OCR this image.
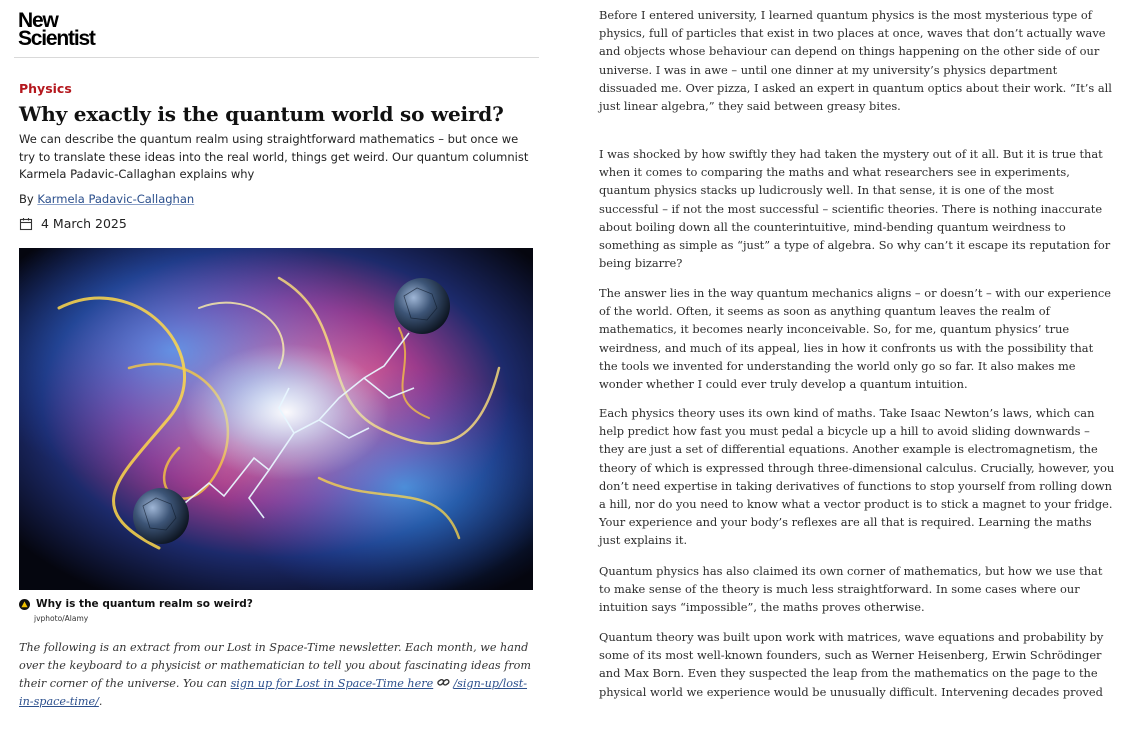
New
Scientist
Physics
Why exactly is the quantum world so weird?

We can describe the quantum realm using straightforward mathematics – but once we try to translate these ideas into the real world, things get weird. Our quantum columnist Karmela Padavic-Callaghan explains why

By Karmela Padavic-Callaghan
4 March 2025
Why is the quantum realm so weird?
jvphoto/Alamy

The following is an extract from our Lost in Space-Time newsletter. Each month, we hand over the keyboard to a physicist or mathematician to tell you about fascinating ideas from their corner of the universe. You can sign up for Lost in Space-Time here /sign-up/lost-in-space-time/.

Before I entered university, I learned quantum physics is the most mysterious type of physics, full of particles that exist in two places at once, waves that don’t actually wave and objects whose behaviour can depend on things happening on the other side of our universe. I was in awe – until one dinner at my university’s physics department dissuaded me. Over pizza, I asked an expert in quantum optics about their work. “It’s all just linear algebra,” they said between greasy bites.

I was shocked by how swiftly they had taken the mystery out of it all. But it is true that when it comes to comparing the maths and what researchers see in experiments, quantum physics stacks up ludicrously well. In that sense, it is one of the most successful – if not the most successful – scientific theories. There is nothing inaccurate about boiling down all the counterintuitive, mind-bending quantum weirdness to something as simple as “just” a type of algebra. So why can’t it escape its reputation for being bizarre?

The answer lies in the way quantum mechanics aligns – or doesn’t – with our experience of the world. Often, it seems as soon as anything quantum leaves the realm of mathematics, it becomes nearly inconceivable. So, for me, quantum physics’ true weirdness, and much of its appeal, lies in how it confronts us with the possibility that the tools we invented for understanding the world only go so far. It also makes me wonder whether I could ever truly develop a quantum intuition.

Each physics theory uses its own kind of maths. Take Isaac Newton’s laws, which can help predict how fast you must pedal a bicycle up a hill to avoid sliding downwards – they are just a set of differential equations. Another example is electromagnetism, the theory of which is expressed through three-dimensional calculus. Crucially, however, you don’t need expertise in taking derivatives of functions to stop yourself from rolling down a hill, nor do you need to know what a vector product is to stick a magnet to your fridge. Your experience and your body’s reflexes are all that is required. Learning the maths just explains it.

Quantum physics has also claimed its own corner of mathematics, but how we use that to make sense of the theory is much less straightforward. In some cases where our intuition says “impossible”, the maths proves otherwise.

Quantum theory was built upon work with matrices, wave equations and probability by some of its most well-known founders, such as Werner Heisenberg, Erwin Schrödinger and Max Born. Even they suspected the leap from the mathematics on the page to the physical world we experience would be unusually difficult. Intervening decades proved
